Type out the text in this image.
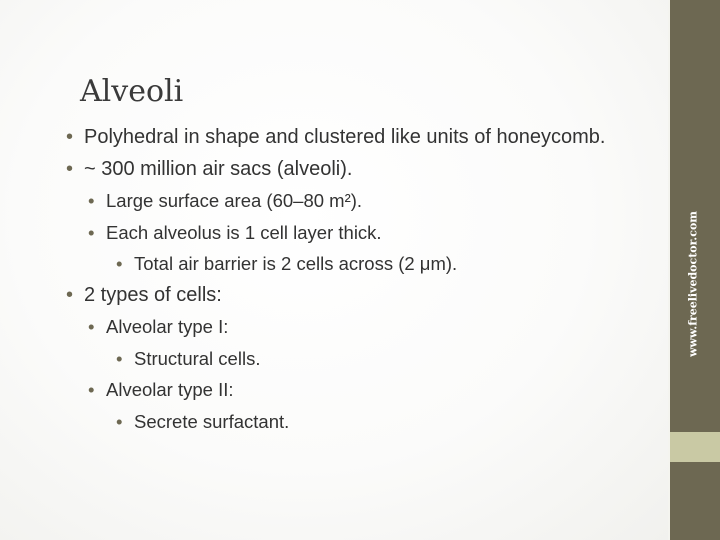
www.freelivedoctor.com
Alveoli
• Polyhedral in shape and clustered like units of honeycomb.
• ~ 300 million air sacs (alveoli).
• Large surface area (60–80 m²).
• Each alveolus is 1 cell layer thick.
• Total air barrier is 2 cells across (2 μm).
• 2 types of cells:
• Alveolar type I:
• Structural cells.
• Alveolar type II:
• Secrete surfactant.
